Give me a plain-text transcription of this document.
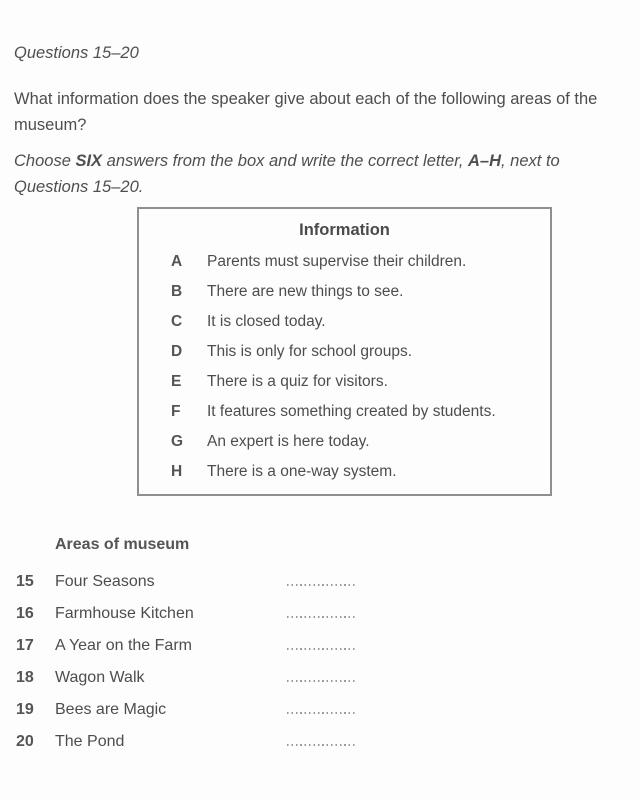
Questions 15–20
What information does the speaker give about each of the following areas of the museum?
Choose SIX answers from the box and write the correct letter, A–H, next to Questions 15–20.
Information
A	Parents must supervise their children.
B	There are new things to see.
C	It is closed today.
D	This is only for school groups.
E	There is a quiz for visitors.
F	It features something created by students.
G	An expert is here today.
H	There is a one-way system.
Areas of museum
15	Four Seasons
16	Farmhouse Kitchen
17	A Year on the Farm
18	Wagon Walk
19	Bees are Magic
20	The Pond
